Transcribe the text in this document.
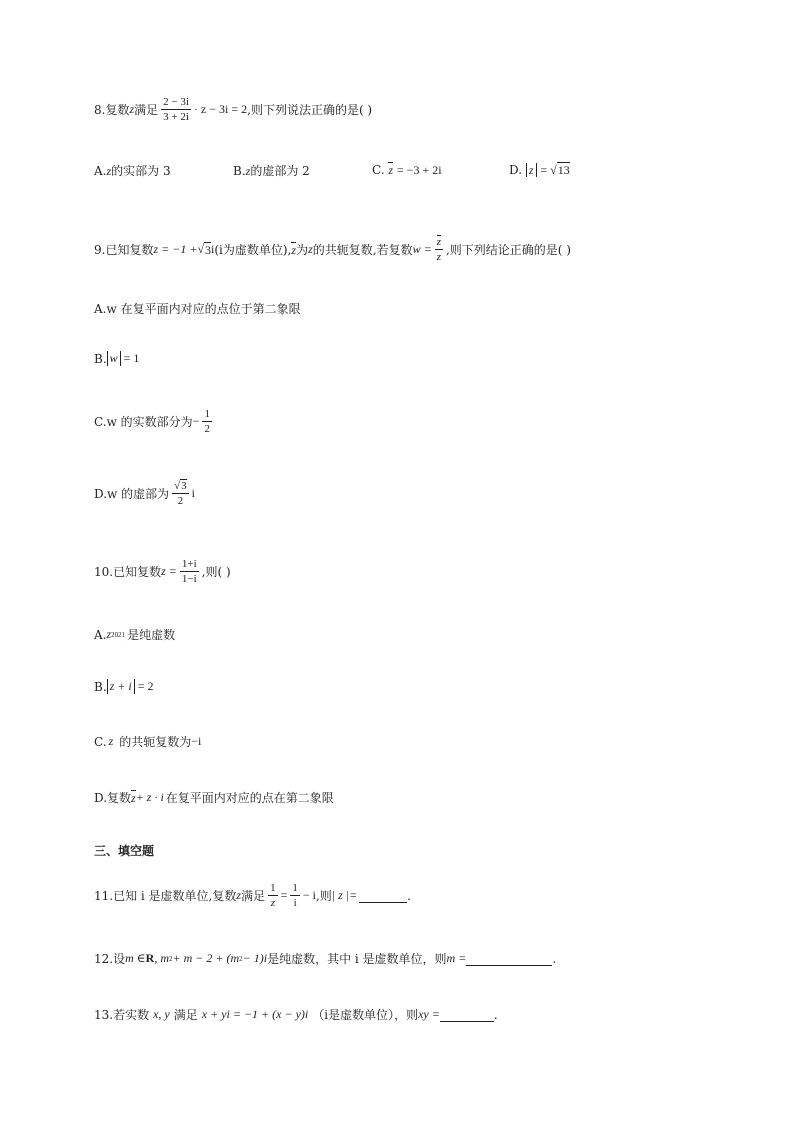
8. 复数 z 满足 $\frac{2 - 3i}{3 + 2i} \cdot z - 3i = 2$ ,则下列说法正确的是( )
A.z的实部为 3	B.z的虚部为 2	C. z = −3 + 2i	D. z = √13
9. 已知复数 z = −1 + √ 3 i (i为虚数单位), z 为 z 的共轭复数,若复数 $w = \frac{z}{z}$ ,则下列结论正确的是( )
A.w 在复平面内对应的点位于第二象限
B. w = 1
C.w 的实数部分为 − $\frac{1}{2}$
D.w 的虚部为 $\frac{√3}{2}$ i
10. 已知复数 $z = \frac{1+i}{1-i}$ ,则( )
A. z 2021 是纯虚数
B. z + i = 2
C. z 的共轭复数为 −i
D.复数 z + z · i 在复平面内对应的点在第二象限
三、填空题
11. 已知 i 是虚数单位,复数 z 满足 $\frac{1}{z} = \frac{1}{i} - i$ ,则 | z |=	.
12. 设 m ∈ R , m 2 + m − 2 + (m 2 − 1)i 是纯虚数，其中 i 是虚数单位，则 m =	.
13. 若实数 x, y 满足 x + yi = −1 + (x − y)i （i是虚数单位），则 xy =	.
